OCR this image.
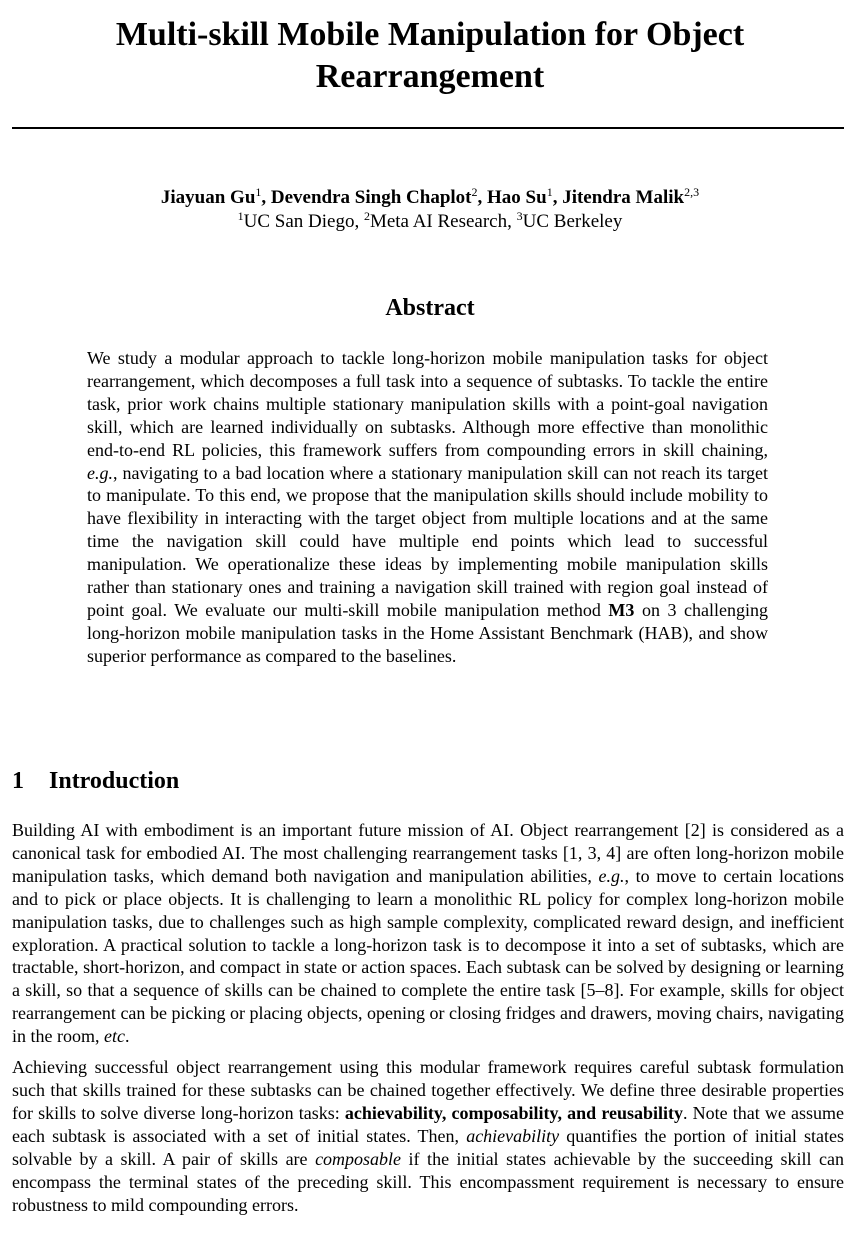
Multi-skill Mobile Manipulation for Object Rearrangement
Jiayuan Gu$^1$, Devendra Singh Chaplot$^2$, Hao Su$^1$, Jitendra Malik$^{2,3}$
$^1$UC San Diego, $^2$Meta AI Research, $^3$UC Berkeley
Abstract
We study a modular approach to tackle long-horizon mobile manipulation tasks for object rearrangement, which decomposes a full task into a sequence of subtasks. To tackle the entire task, prior work chains multiple stationary manipulation skills with a point-goal navigation skill, which are learned individually on subtasks. Although more effective than monolithic end-to-end RL policies, this framework suffers from compounding errors in skill chaining, e.g., navigating to a bad location where a stationary manipulation skill can not reach its target to manipulate. To this end, we propose that the manipulation skills should include mobility to have flexibility in interacting with the target object from multiple locations and at the same time the navigation skill could have multiple end points which lead to successful manipulation. We operationalize these ideas by implementing mobile manipulation skills rather than stationary ones and training a navigation skill trained with region goal instead of point goal. We evaluate our multi-skill mobile manipulation method M3 on 3 challenging long-horizon mobile manipulation tasks in the Home Assistant Benchmark (HAB), and show superior performance as compared to the baselines.
1 Introduction

Building AI with embodiment is an important future mission of AI. Object rearrangement [2] is considered as a canonical task for embodied AI. The most challenging rearrangement tasks [1, 3, 4] are often long-horizon mobile manipulation tasks, which demand both navigation and manipulation abilities, e.g., to move to certain locations and to pick or place objects. It is challenging to learn a monolithic RL policy for complex long-horizon mobile manipulation tasks, due to challenges such as high sample complexity, complicated reward design, and inefficient exploration. A practical solution to tackle a long-horizon task is to decompose it into a set of subtasks, which are tractable, short-horizon, and compact in state or action spaces. Each subtask can be solved by designing or learning a skill, so that a sequence of skills can be chained to complete the entire task [5–8]. For example, skills for object rearrangement can be picking or placing objects, opening or closing fridges and drawers, moving chairs, navigating in the room, etc.

Achieving successful object rearrangement using this modular framework requires careful subtask formulation such that skills trained for these subtasks can be chained together effectively. We define three desirable properties for skills to solve diverse long-horizon tasks: achievability, composability, and reusability. Note that we assume each subtask is associated with a set of initial states. Then, achievability quantifies the portion of initial states solvable by a skill. A pair of skills are composable if the initial states achievable by the succeeding skill can encompass the terminal states of the preceding skill. This encompassment requirement is necessary to ensure robustness to mild compounding errors.
